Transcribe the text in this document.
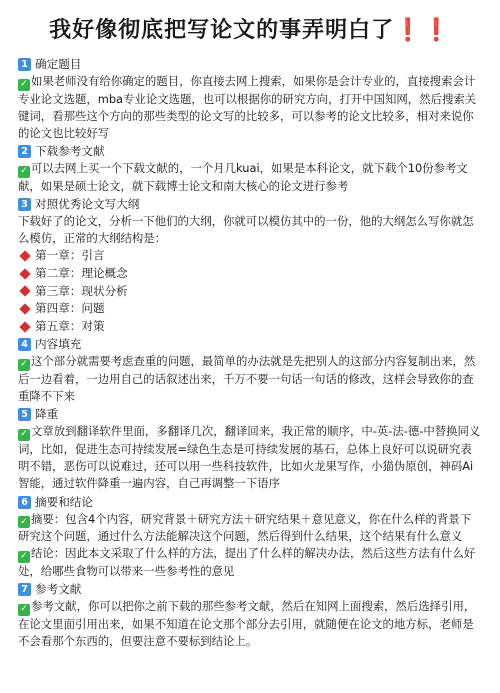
我好像彻底把写论文的事弄明白了❗❗
1 确定题目

✓ 如果老师没有给你确定的题目，你直接去网上搜索，如果你是会计专业的，直接搜索会计专业论文选题，mba专业论文选题，也可以根据你的研究方向，打开中国知网，然后搜索关键词，看那些这个方向的那些类型的论文写的比较多，可以参考的论文比较多，相对来说你的论文也比较好写

2 下载参考文献

✓ 可以去网上买一个下载文献的，一个月几kuai，如果是本科论文，就下载个10份参考文献，如果是硕士论文，就下载博士论文和南大核心的论文进行参考

3 对照优秀论文写大纲

下载好了的论文，分析一下他们的大纲，你就可以模仿其中的一份，他的大纲怎么写你就怎么模仿，正常的大纲结构是：

第一章：引言
第二章：理论概念
第三章：现状分析
第四章：问题
第五章：对策
4 内容填充

✓ 这个部分就需要考虑查重的问题，最简单的办法就是先把别人的这部分内容复制出来，然后一边看着，一边用自己的话叙述出来，千万不要一句话一句话的修改，这样会导致你的查重降不下来

5 降重

✓ 文章放到翻译软件里面，多翻译几次，翻译回来，我正常的顺序，中-英-法-德-中替换同义词，比如，促进生态可持续发展=绿色生态是可持续发展的基石，总体上良好可以说研究表明不错，恶伤可以说难过，还可以用一些科技软件，比如火龙果写作，小猫伪原创，神码Ai智能，通过软件降重一遍内容，自己再调整一下语序

6 摘要和结论

✓ 摘要：包含4个内容，研究背景＋研究方法＋研究结果＋意见意义，你在什么样的背景下研究这个问题，通过什么方法能解决这个问题，然后得到什么结果，这个结果有什么意义

✓ 结论：因此本文采取了什么样的方法，提出了什么样的解决办法，然后这些方法有什么好处，给哪些食物可以带来一些参考性的意见

7 参考文献

✓ 参考文献，你可以把你之前下载的那些参考文献，然后在知网上面搜索，然后选择引用，在论文里面引用出来，如果不知道在论文那个部分去引用，就随便在论文的地方标，老师是不会看那个东西的，但要注意不要标到结论上。
